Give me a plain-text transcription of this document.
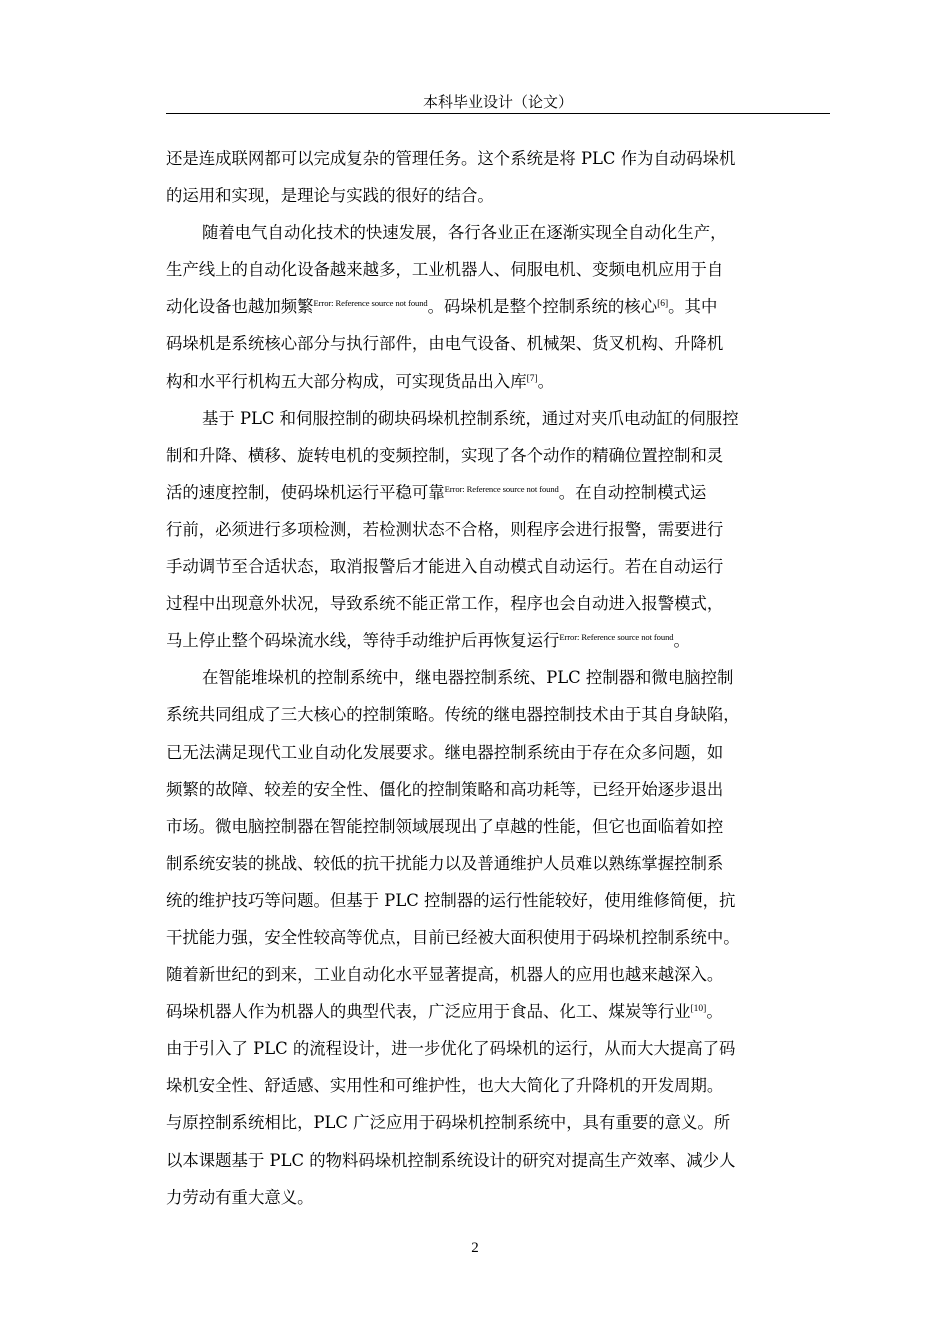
本科毕业设计（论文）
还是连成联网都可以完成复杂的管理任务。这个系统是将 PLC 作为自动码垛机
的运用和实现，是理论与实践的很好的结合。
随着电气自动化技术的快速发展，各行各业正在逐渐实现全自动化生产，
生产线上的自动化设备越来越多，工业机器人、伺服电机、变频电机应用于自
动化设备也越加频繁$^{Error: Reference source not found}$。码垛机是整个控制系统的核心[6]。其中
码垛机是系统核心部分与执行部件，由电气设备、机械架、货叉机构、升降机
构和水平行机构五大部分构成，可实现货品出入库[7]。
基于 PLC 和伺服控制的砌块码垛机控制系统，通过对夹爪电动缸的伺服控
制和升降、横移、旋转电机的变频控制，实现了各个动作的精确位置控制和灵
活的速度控制，使码垛机运行平稳可靠$^{Error: Reference source not found}$。在自动控制模式运
行前，必须进行多项检测，若检测状态不合格，则程序会进行报警，需要进行
手动调节至合适状态，取消报警后才能进入自动模式自动运行。若在自动运行
过程中出现意外状况，导致系统不能正常工作，程序也会自动进入报警模式，
马上停止整个码垛流水线，等待手动维护后再恢复运行$^{Error: Reference source not found}$。
在智能堆垛机的控制系统中，继电器控制系统、PLC 控制器和微电脑控制
系统共同组成了三大核心的控制策略。传统的继电器控制技术由于其自身缺陷，
已无法满足现代工业自动化发展要求。继电器控制系统由于存在众多问题，如
频繁的故障、较差的安全性、僵化的控制策略和高功耗等，已经开始逐步退出
市场。微电脑控制器在智能控制领域展现出了卓越的性能，但它也面临着如控
制系统安装的挑战、较低的抗干扰能力以及普通维护人员难以熟练掌握控制系
统的维护技巧等问题。但基于 PLC 控制器的运行性能较好，使用维修简便，抗
干扰能力强，安全性较高等优点，目前已经被大面积使用于码垛机控制系统中。
随着新世纪的到来，工业自动化水平显著提高，机器人的应用也越来越深入。
码垛机器人作为机器人的典型代表，广泛应用于食品、化工、煤炭等行业[10]。
由于引入了 PLC 的流程设计，进一步优化了码垛机的运行，从而大大提高了码
垛机安全性、舒适感、实用性和可维护性，也大大简化了升降机的开发周期。
与原控制系统相比，PLC 广泛应用于码垛机控制系统中，具有重要的意义。所
以本课题基于 PLC 的物料码垛机控制系统设计的研究对提高生产效率、减少人
力劳动有重大意义。
2
